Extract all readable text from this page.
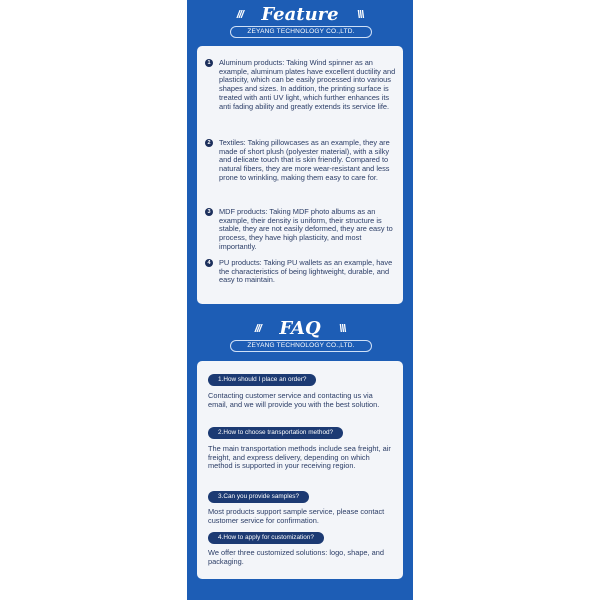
/// Feature \\\
ZEYANG TECHNOLOGY CO.,LTD.
1	Aluminum products: Taking Wind spinner as an example, aluminum plates have excellent ductility and plasticity, which can be easily processed into various shapes and sizes. In addition, the printing surface is treated with anti UV light, which further enhances its anti fading ability and greatly extends its service life.
2	Textiles: Taking pillowcases as an example, they are made of short plush (polyester material), with a silky and delicate touch that is skin friendly. Compared to natural fibers, they are more wear-resistant and less prone to wrinkling, making them easy to care for.
3	MDF products: Taking MDF photo albums as an example, their density is uniform, their structure is stable, they are not easily deformed, they are easy to process, they have high plasticity, and most importantly.
4	PU products: Taking PU wallets as an example, have the characteristics of being lightweight, durable, and easy to maintain.
/// FAQ \\\
ZEYANG TECHNOLOGY CO.,LTD.
1.How should I place an order?
Contacting customer service and contacting us via email, and we will provide you with the best solution.
2.How to choose transportation method?
The main transportation methods include sea freight, air freight, and express delivery, depending on which method is supported in your receiving region.
3.Can you provide samples?
Most products support sample service, please contact customer service for confirmation.
4.How to apply for customization?
We offer three customized solutions: logo, shape, and packaging.
